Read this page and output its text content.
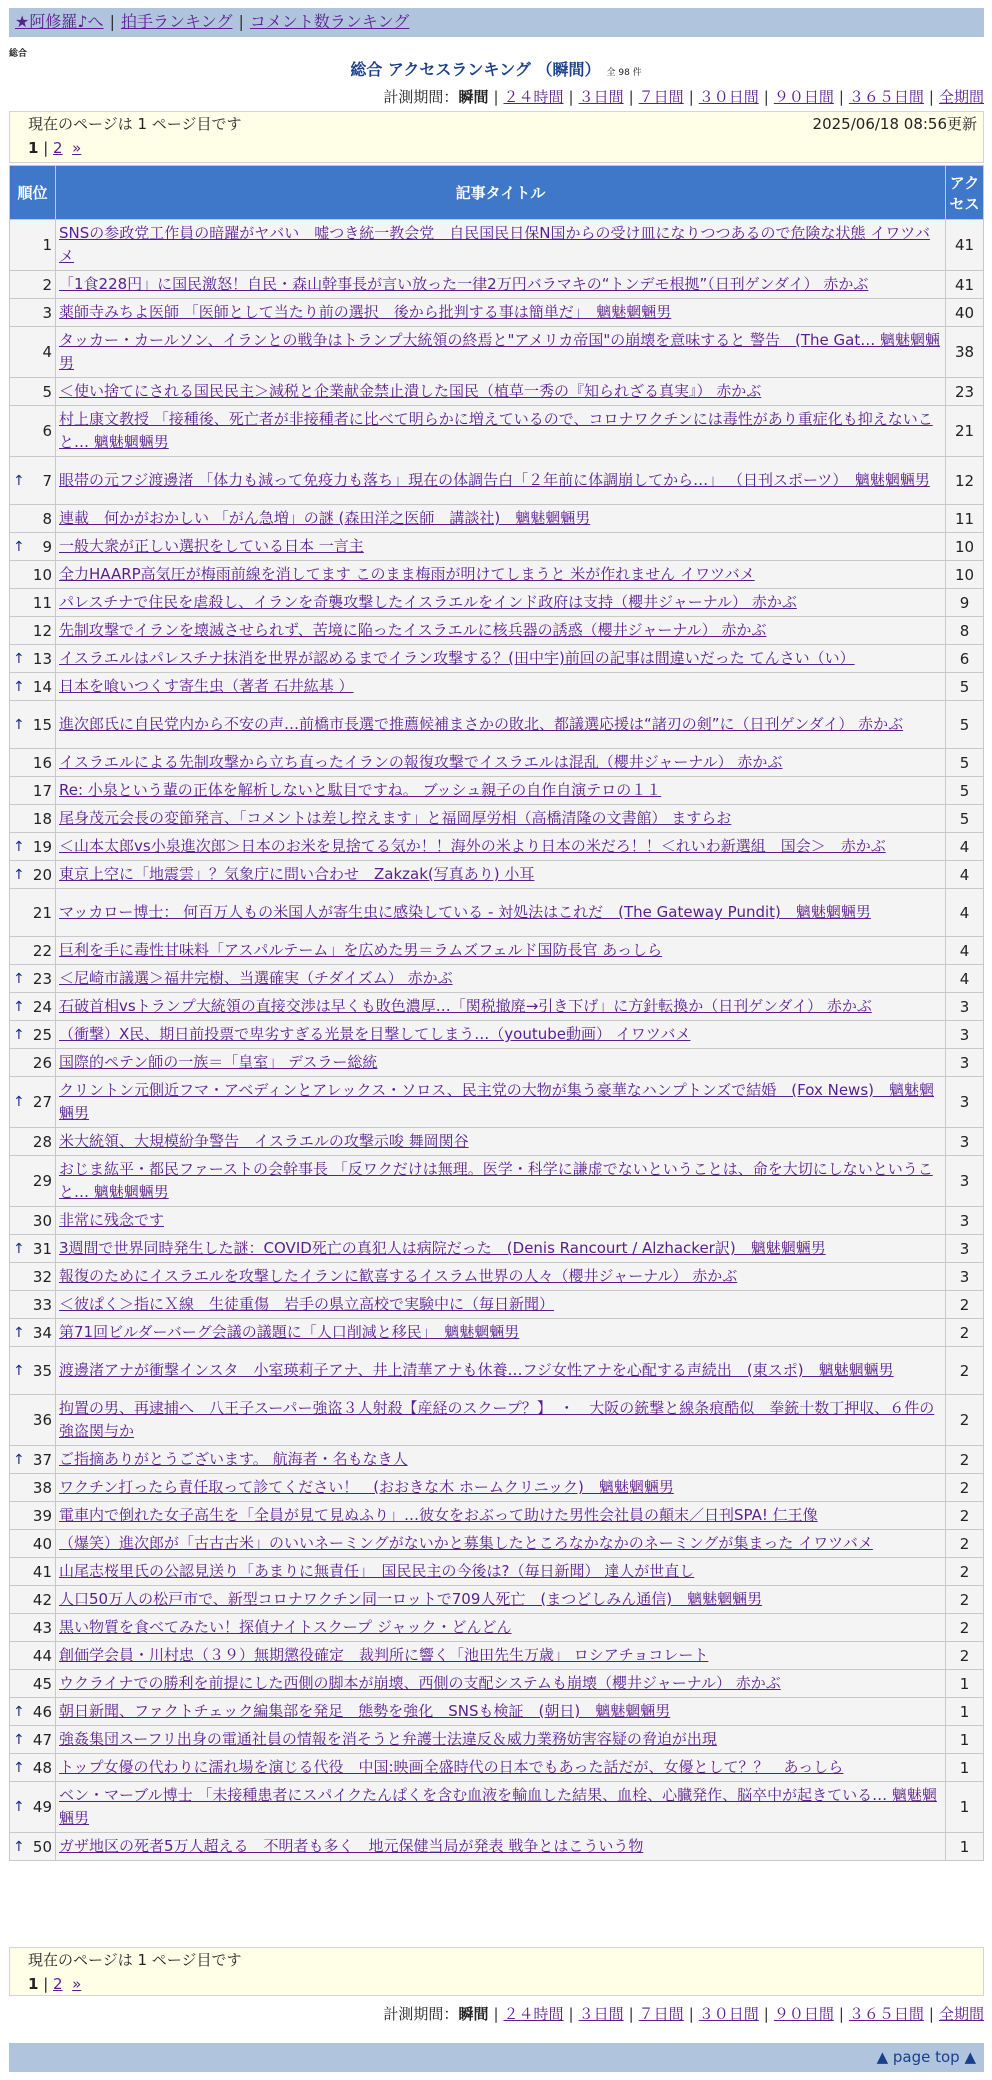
★阿修羅♪へ | 拍手ランキング | コメント数ランキング
総合
総合 アクセスランキング （瞬間） 全 98 件
計測期間：瞬間 | ２４時間 | ３日間 | ７日間 | ３０日間 | ９０日間 | ３６５日間 | 全期間
現在のページは 1 ページ目です	2025/06/18 08:56更新
1 | 2 »
順位	記事タイトル	アクセス
1	SNSの参政党工作員の暗躍がヤバい　嘘つき統一教会党　自民国民日保N国からの受け皿になりつつあるので危険な状態 イワツバメ	41
2	「1食228円」に国民激怒！自民・森山幹事長が言い放った一律2万円バラマキの“トンデモ根拠”（日刊ゲンダイ） 赤かぶ	41
3	薬師寺みちよ医師 「医師として当たり前の選択　後から批判する事は簡単だ」　魑魅魍魎男	40
4	タッカー・カールソン、イランとの戦争はトランプ大統領の終焉と"アメリカ帝国"の崩壊を意味すると 警告　(The Gat… 魑魅魍魎男	38
5	＜使い捨てにされる国民民主＞減税と企業献金禁止潰した国民（植草一秀の『知られざる真実』） 赤かぶ	23
6	村上康文教授 「接種後、死亡者が非接種者に比べて明らかに増えているので、コロナワクチンには毒性があり重症化も抑えないこと… 魑魅魍魎男	21

↑ 7	眼帯の元フジ渡邊渚 「体力も減って免疫力も落ち」現在の体調告白「２年前に体調崩してから…」 （日刊スポーツ）　魑魅魍魎男	12
8	連載　何かがおかしい 「がん急増」の謎 (森田洋之医師　講談社)　魑魅魍魎男	11

↑ 9	一般大衆が正しい選択をしている日本 一言主	10
10	全力HAARP高気圧が梅雨前線を消してます このまま梅雨が明けてしまうと 米が作れません イワツバメ	10
11	パレスチナで住民を虐殺し、イランを奇襲攻撃したイスラエルをインド政府は支持（櫻井ジャーナル） 赤かぶ	9
12	先制攻撃でイランを壊滅させられず、苦境に陥ったイスラエルに核兵器の誘惑（櫻井ジャーナル） 赤かぶ	8

↑ 13	イスラエルはパレスチナ抹消を世界が認めるまでイラン攻撃する？(田中宇)前回の記事は間違いだった てんさい（い）	6

↑ 14	日本を喰いつくす寄生虫（著者 石井紘基 ）	5

↑ 15	進次郎氏に自民党内から不安の声…前橋市長選で推薦候補まさかの敗北、都議選応援は“諸刃の剣”に（日刊ゲンダイ） 赤かぶ	5
16	イスラエルによる先制攻撃から立ち直ったイランの報復攻撃でイスラエルは混乱（櫻井ジャーナル） 赤かぶ	5
17	Re: 小泉という輩の正体を解析しないと駄目ですね。 ブッシュ親子の自作自演テロの１１	5
18	尾身茂元会長の変節発言、「コメントは差し控えます」と福岡厚労相（高橋清隆の文書館） ますらお	5

↑ 19	＜山本太郎vs小泉進次郎＞日本のお米を見捨てる気か！！海外の米より日本の米だろ！！＜れいわ新選組　国会＞　赤かぶ	4

↑ 20	東京上空に「地震雲」？気象庁に問い合わせ　Zakzak(写真あり) 小耳	4
21	マッカロー博士： 何百万人もの米国人が寄生虫に感染している - 対処法はこれだ　(The Gateway Pundit)　魑魅魍魎男	4
22	巨利を手に毒性甘味料「アスパルテーム」を広めた男＝ラムズフェルド国防長官 あっしら	4

↑ 23	＜尼崎市議選＞福井完樹、当選確実（チダイズム） 赤かぶ	4

↑ 24	石破首相vsトランプ大統領の直接交渉は早くも敗色濃厚…「関税撤廃→引き下げ」に方針転換か（日刊ゲンダイ） 赤かぶ	3

↑ 25	（衝撃）X民、期日前投票で卑劣すぎる光景を目撃してしまう…（youtube動画） イワツバメ	3
26	国際的ペテン師の一族＝「皇室」 デスラー総統	3

↑ 27	クリントン元側近フマ・アベディンとアレックス・ソロス、民主党の大物が集う豪華なハンプトンズで結婚　(Fox News)　魑魅魍魎男	3
28	米大統領、大規模紛争警告　イスラエルの攻撃示唆 舞岡関谷	3
29	おじま紘平・都民ファーストの会幹事長 「反ワクだけは無理。医学・科学に謙虚でないということは、命を大切にしないということ… 魑魅魍魎男	3
30	非常に残念です	3

↑ 31	3週間で世界同時発生した謎：COVID死亡の真犯人は病院だった　(Denis Rancourt / Alzhacker訳)　魑魅魍魎男	3
32	報復のためにイスラエルを攻撃したイランに歓喜するイスラム世界の人々（櫻井ジャーナル） 赤かぶ	3
33	＜彼ぱく＞指にＸ線　生徒重傷　岩手の県立高校で実験中に（毎日新聞）	2

↑ 34	第71回ビルダーバーグ会議の議題に「人口削減と移民」　魑魅魍魎男	2

↑ 35	渡邊渚アナが衝撃インスタ　小室瑛莉子アナ、井上清華アナも休養…フジ女性アナを心配する声続出　(東スポ)　魑魅魍魎男	2
36	拘置の男、再逮捕へ　八王子スーパー強盗３人射殺【産経のスクープ？】　・　大阪の銃撃と線条痕酷似　拳銃十数丁押収、６件の強盗関与か	2

↑ 37	ご指摘ありがとうございます。 航海者・名もなき人	2
38	ワクチン打ったら責任取って診てください！　(おおきな木 ホームクリニック)　魑魅魍魎男	2
39	電車内で倒れた女子高生を「全員が見て見ぬふり」…彼女をおぶって助けた男性会社員の顛末／日刊SPA! 仁王像	2
40	（爆笑）進次郎が「古古古米」のいいネーミングがないかと募集したところなかなかのネーミングが集まった イワツバメ	2
41	山尾志桜里氏の公認見送り「あまりに無責任」　国民民主の今後は?（毎日新聞） 達人が世直し	2
42	人口50万人の松戸市で、新型コロナワクチン同一ロットで709人死亡　(まつどしみん通信)　魑魅魍魎男	2
43	黒い物質を食べてみたい！探偵ナイトスクープ ジャック・どんどん	2
44	創価学会員・川村忠（３９）無期懲役確定　裁判所に響く「池田先生万歳」 ロシアチョコレート	2
45	ウクライナでの勝利を前提にした西側の脚本が崩壊、西側の支配システムも崩壊（櫻井ジャーナル） 赤かぶ	1

↑ 46	朝日新聞、ファクトチェック編集部を発足　態勢を強化　SNSも検証　(朝日)　魑魅魍魎男	1

↑ 47	強姦集団スーフリ出身の電通社員の情報を消そうと弁護士法違反＆威力業務妨害容疑の脅迫が出現	1

↑ 48	トップ女優の代わりに濡れ場を演じる代役　中国:映画全盛時代の日本でもあった話だが、女優として？？　あっしら	1

↑ 49	ベン・マーブル博士 「未接種患者にスパイクたんぱくを含む血液を輸血した結果、血栓、心臓発作、脳卒中が起きている… 魑魅魍魎男	1

↑ 50	ガザ地区の死者5万人超える　不明者も多く　地元保健当局が発表 戦争とはこういう物	1
現在のページは 1 ページ目です
1 | 2 »
計測期間：瞬間 | ２４時間 | ３日間 | ７日間 | ３０日間 | ９０日間 | ３６５日間 | 全期間
▲ page top ▲
